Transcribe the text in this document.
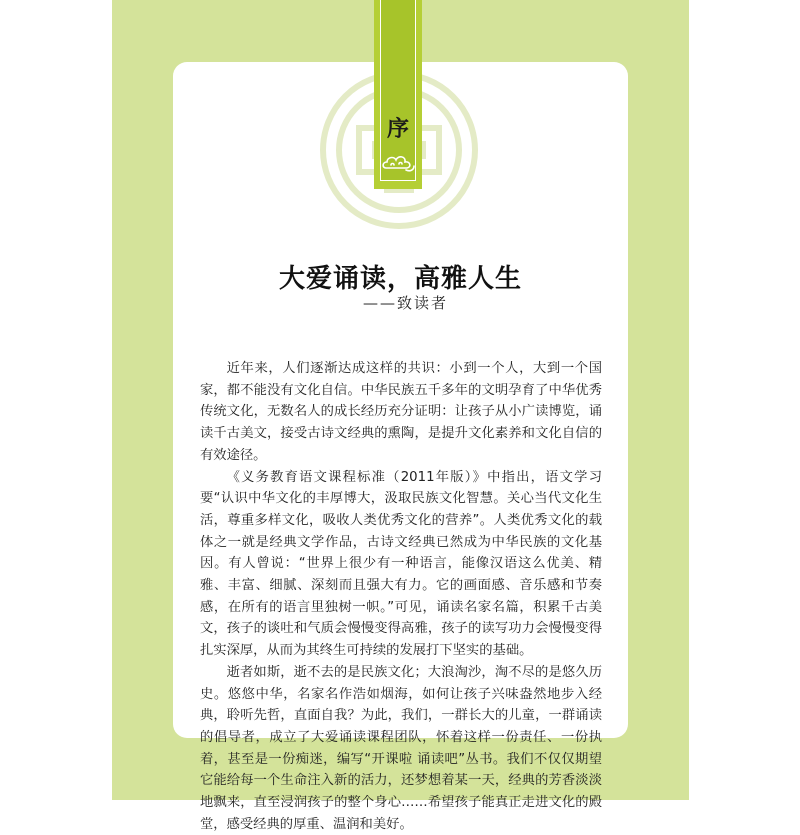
序
大爱诵读，高雅人生
——致读者

近年来，人们逐渐达成这样的共识：小到一个人，大到一个国家，都不能没有文化自信。中华民族五千多年的文明孕育了中华优秀传统文化，无数名人的成长经历充分证明：让孩子从小广读博览，诵读千古美文，接受古诗文经典的熏陶，是提升文化素养和文化自信的有效途径。

《义务教育语文课程标准（2011年版）》中指出，语文学习要“认识中华文化的丰厚博大，汲取民族文化智慧。关心当代文化生活，尊重多样文化，吸收人类优秀文化的营养”。人类优秀文化的载体之一就是经典文学作品，古诗文经典已然成为中华民族的文化基因。有人曾说：“世界上很少有一种语言，能像汉语这么优美、精雅、丰富、细腻、深刻而且强大有力。它的画面感、音乐感和节奏感，在所有的语言里独树一帜。”可见，诵读名家名篇，积累千古美文，孩子的谈吐和气质会慢慢变得高雅，孩子的读写功力会慢慢变得扎实深厚，从而为其终生可持续的发展打下坚实的基础。

逝者如斯，逝不去的是民族文化；大浪淘沙，淘不尽的是悠久历史。悠悠中华，名家名作浩如烟海，如何让孩子兴味盎然地步入经典，聆听先哲，直面自我？为此，我们，一群长大的儿童，一群诵读的倡导者，成立了大爱诵读课程团队，怀着这样一份责任、一份执着，甚至是一份痴迷，编写“开课啦 诵读吧”丛书。我们不仅仅期望它能给每一个生命注入新的活力，还梦想着某一天，经典的芳香淡淡地飘来，直至浸润孩子的整个身心……希望孩子能真正走进文化的殿堂，感受经典的厚重、温润和美好。
